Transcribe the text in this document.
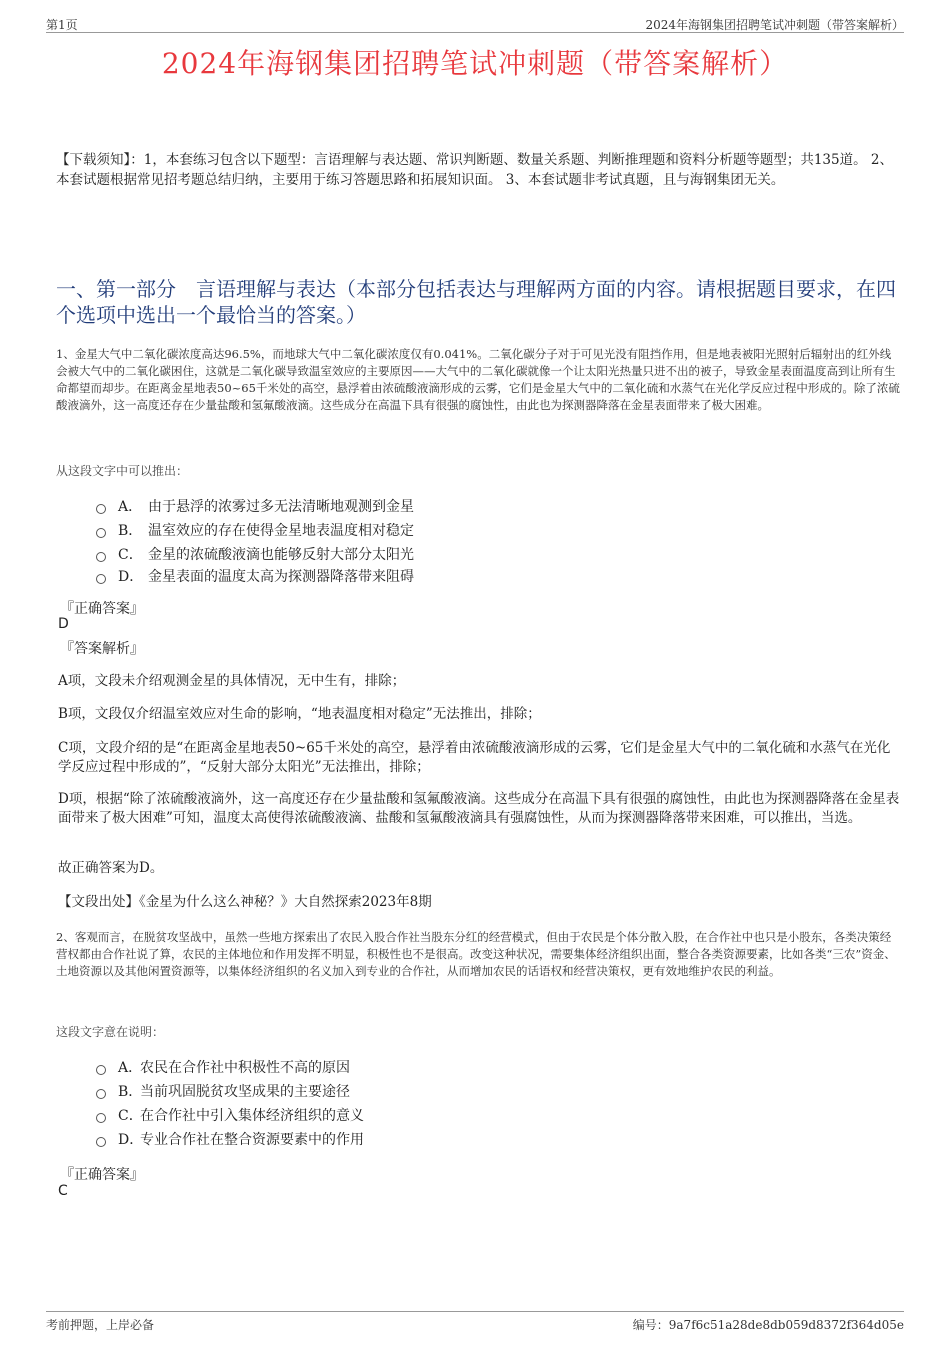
第1页	2024年海钢集团招聘笔试冲刺题（带答案解析）
2024年海钢集团招聘笔试冲刺题（带答案解析）
【下载须知】：1，本套练习包含以下题型：言语理解与表达题、常识判断题、数量关系题、判断推理题和资料分析题等题型；共135道。 2、本套试题根据常见招考题总结归纳，主要用于练习答题思路和拓展知识面。 3、本套试题非考试真题，且与海钢集团无关。
一、第一部分　言语理解与表达（本部分包括表达与理解两方面的内容。请根据题目要求，在四个选项中选出一个最恰当的答案。）
1、金星大气中二氧化碳浓度高达96.5%，而地球大气中二氧化碳浓度仅有0.041%。二氧化碳分子对于可见光没有阻挡作用，但是地表被阳光照射后辐射出的红外线会被大气中的二氧化碳困住，这就是二氧化碳导致温室效应的主要原因——大气中的二氧化碳就像一个让太阳光热量只进不出的被子，导致金星表面温度高到让所有生命都望而却步。在距离金星地表50~65千米处的高空，悬浮着由浓硫酸液滴形成的云雾，它们是金星大气中的二氧化硫和水蒸气在光化学反应过程中形成的。除了浓硫酸液滴外，这一高度还存在少量盐酸和氢氟酸液滴。这些成分在高温下具有很强的腐蚀性，由此也为探测器降落在金星表面带来了极大困难。
从这段文字中可以推出：
A． 由于悬浮的浓雾过多无法清晰地观测到金星
B． 温室效应的存在使得金星地表温度相对稳定
C． 金星的浓硫酸液滴也能够反射大部分太阳光
D． 金星表面的温度太高为探测器降落带来阻碍
『正确答案』
D
『答案解析』
A项，文段未介绍观测金星的具体情况，无中生有，排除；
B项，文段仅介绍温室效应对生命的影响，“地表温度相对稳定”无法推出，排除；
C项，文段介绍的是“在距离金星地表50~65千米处的高空，悬浮着由浓硫酸液滴形成的云雾，它们是金星大气中的二氧化硫和水蒸气在光化学反应过程中形成的”，“反射大部分太阳光”无法推出，排除；
D项，根据“除了浓硫酸液滴外，这一高度还存在少量盐酸和氢氟酸液滴。这些成分在高温下具有很强的腐蚀性，由此也为探测器降落在金星表面带来了极大困难”可知，温度太高使得浓硫酸液滴、盐酸和氢氟酸液滴具有强腐蚀性，从而为探测器降落带来困难，可以推出，当选。
故正确答案为D。
【文段出处】《金星为什么这么神秘？》大自然探索2023年8期
2、客观而言，在脱贫攻坚战中，虽然一些地方探索出了农民入股合作社当股东分红的经营模式，但由于农民是个体分散入股，在合作社中也只是小股东，各类决策经营权都由合作社说了算，农民的主体地位和作用发挥不明显，积极性也不是很高。改变这种状况，需要集体经济组织出面，整合各类资源要素，比如各类“三农”资金、土地资源以及其他闲置资源等，以集体经济组织的名义加入到专业的合作社，从而增加农民的话语权和经营决策权，更有效地维护农民的利益。
这段文字意在说明：
A．
农民在合作社中积极性不高的原因
B．
当前巩固脱贫攻坚成果的主要途径
C．
在合作社中引入集体经济组织的意义
D．
专业合作社在整合资源要素中的作用
『正确答案』
C
考前押题，上岸必备	编号：9a7f6c51a28de8db059d8372f364d05e
